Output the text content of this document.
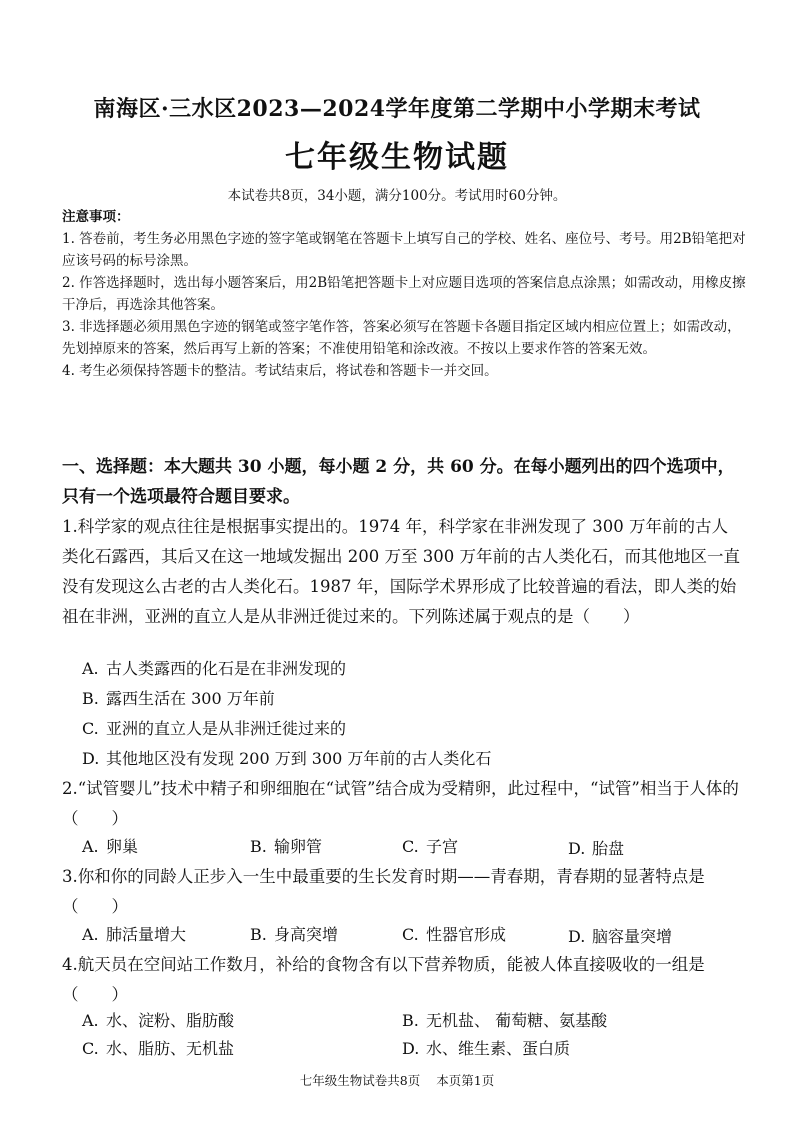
南海区·三水区2023—2024学年度第二学期中小学期末考试
七年级生物试题
本试卷共8页，34小题，满分100分。考试用时60分钟。

注意事项：

1. 答卷前，考生务必用黑色字迹的签字笔或钢笔在答题卡上填写自己的学校、姓名、座位号、考号。用2B铅笔把对应该号码的标号涂黑。

2. 作答选择题时，选出每小题答案后，用2B铅笔把答题卡上对应题目选项的答案信息点涂黑；如需改动，用橡皮擦干净后，再选涂其他答案。

3. 非选择题必须用黑色字迹的钢笔或签字笔作答，答案必须写在答题卡各题目指定区域内相应位置上；如需改动，先划掉原来的答案，然后再写上新的答案；不准使用铅笔和涂改液。不按以上要求作答的答案无效。

4. 考生必须保持答题卡的整洁。考试结束后，将试卷和答题卡一并交回。

一、选择题：本大题共 30 小题，每小题 2 分，共 60 分。在每小题列出的四个选项中，只有一个选项最符合题目要求。

1.科学家的观点往往是根据事实提出的。1974 年，科学家在非洲发现了 300 万年前的古人类化石露西，其后又在这一地域发掘出 200 万至 300 万年前的古人类化石，而其他地区一直没有发现这么古老的古人类化石。1987 年，国际学术界形成了比较普遍的看法，即人类的始祖在非洲，亚洲的直立人是从非洲迁徙过来的。下列陈述属于观点的是（　　）

A. 古人类露西的化石是在非洲发现的
B. 露西生活在 300 万年前
C. 亚洲的直立人是从非洲迁徙过来的
D. 其他地区没有发现 200 万到 300 万年前的古人类化石

2.“试管婴儿”技术中精子和卵细胞在“试管”结合成为受精卵，此过程中，“试管”相当于人体的（　　）

A. 卵巢	B. 输卵管	C. 子宫	D. 胎盘

3.你和你的同龄人正步入一生中最重要的生长发育时期——青春期，青春期的显著特点是（　　）

A. 肺活量增大	B. 身高突增	C. 性器官形成	D. 脑容量突增

4.航天员在空间站工作数月，补给的食物含有以下营养物质，能被人体直接吸收的一组是（　　）

A. 水、淀粉、脂肪酸	B. 无机盐、 葡萄糖、氨基酸
C. 水、脂肪、无机盐	D. 水、维生素、蛋白质
七年级生物试卷共8页 本页第1页
